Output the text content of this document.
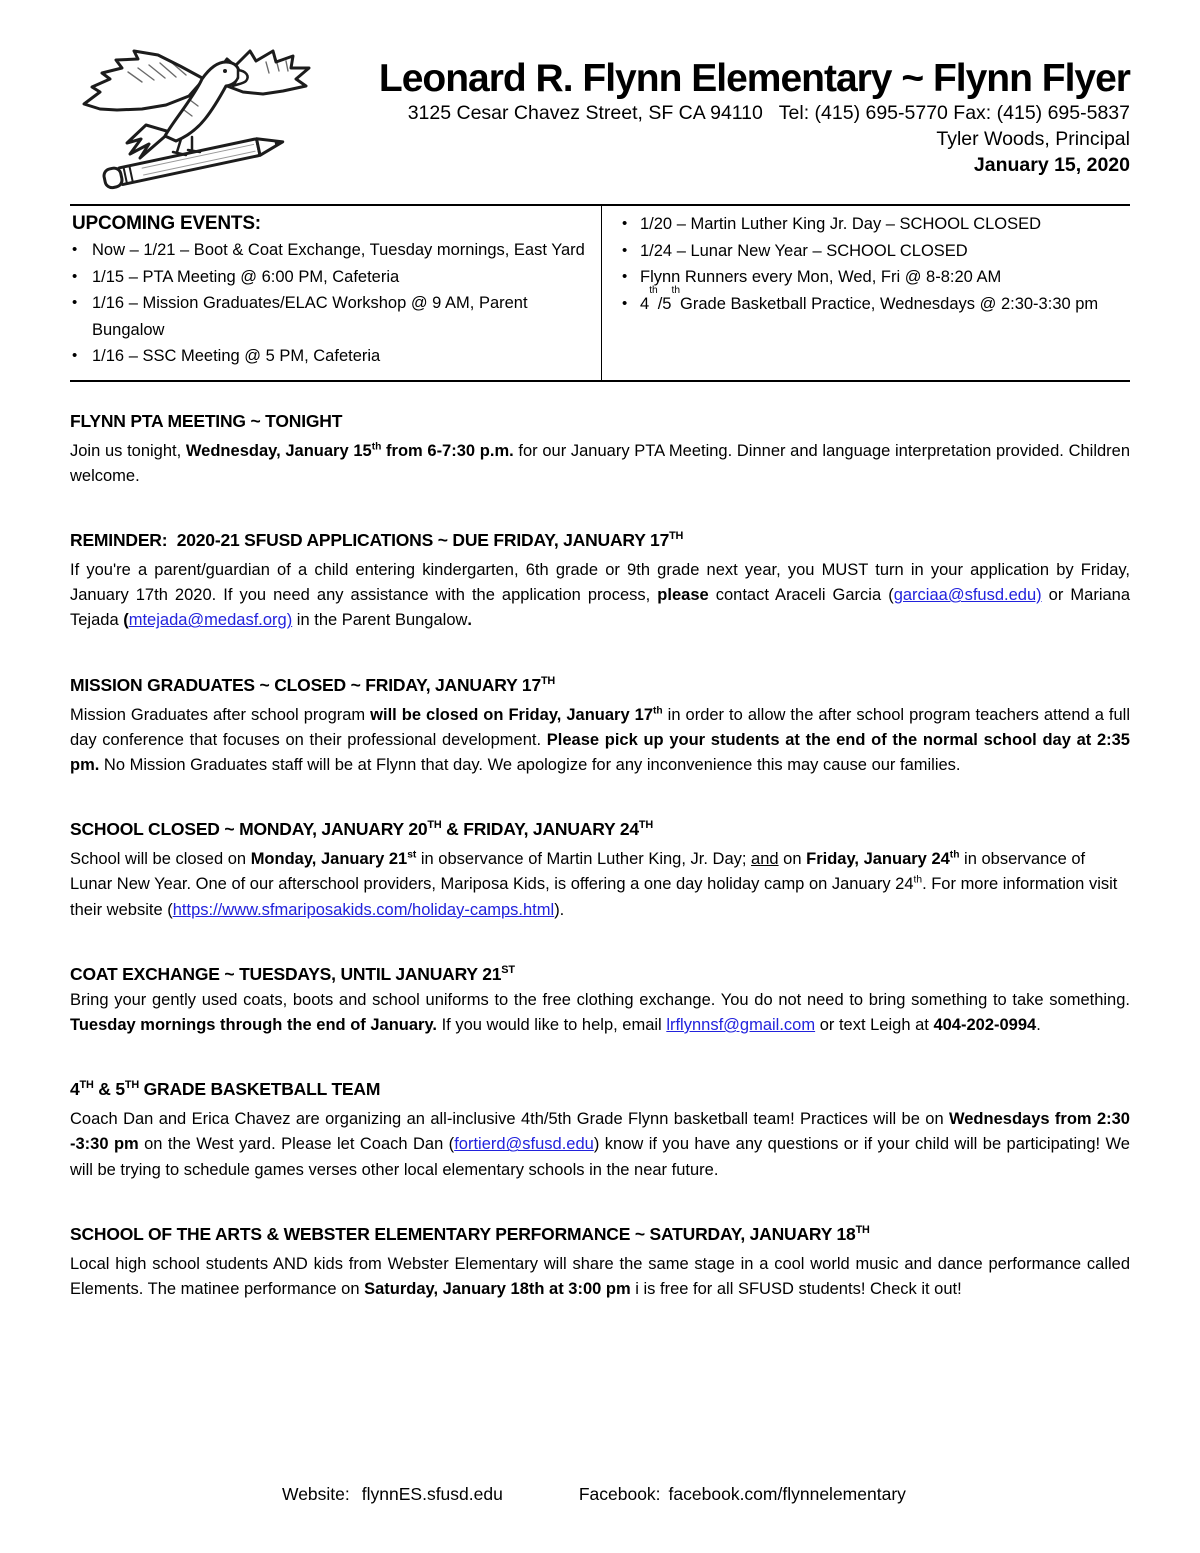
Leonard R. Flynn Elementary ~ Flynn Flyer
3125 Cesar Chavez Street, SF CA 94110   Tel: (415) 695-5770 Fax: (415) 695-5837
Tyler Woods, Principal
January 15, 2020
UPCOMING EVENTS:
• Now – 1/21 – Boot & Coat Exchange, Tuesday mornings, East Yard
• 1/15 – PTA Meeting @ 6:00 PM, Cafeteria
• 1/16 – Mission Graduates/ELAC Workshop @ 9 AM, Parent Bungalow
• 1/16 – SSC Meeting @ 5 PM, Cafeteria
• 1/20 – Martin Luther King Jr. Day – SCHOOL CLOSED
• 1/24 – Lunar New Year – SCHOOL CLOSED
• Flynn Runners every Mon, Wed, Fri @ 8-8:20 AM
• 4
th
/5
th
Grade Basketball Practice, Wednesdays @ 2:30-3:30 pm
FLYNN PTA MEETING ~ TONIGHT
Join us tonight, Wednesday, January 15th from 6-7:30 p.m. for our January PTA Meeting. Dinner and language interpretation provided. Children welcome.
REMINDER:  2020-21 SFUSD APPLICATIONS ~ DUE FRIDAY, JANUARY 17TH
If you're a parent/guardian of a child entering kindergarten, 6th grade or 9th grade next year, you MUST turn in your application by Friday, January 17th 2020. If you need any assistance with the application process, please contact Araceli Garcia (garciaa@sfusd.edu) or Mariana Tejada (mtejada@medasf.org) in the Parent Bungalow.
MISSION GRADUATES ~ CLOSED ~ FRIDAY, JANUARY 17TH
Mission Graduates after school program will be closed on Friday, January 17th in order to allow the after school program teachers attend a full day conference that focuses on their professional development. Please pick up your students at the end of the normal school day at 2:35 pm. No Mission Graduates staff will be at Flynn that day. We apologize for any inconvenience this may cause our families.
SCHOOL CLOSED ~ MONDAY, JANUARY 20TH & FRIDAY, JANUARY 24TH
School will be closed on Monday, January 21st in observance of Martin Luther King, Jr. Day; and on Friday, January 24th in observance of Lunar New Year. One of our afterschool providers, Mariposa Kids, is offering a one day holiday camp on January 24th. For more information visit their website (https://www.sfmariposakids.com/holiday-camps.html).
COAT EXCHANGE ~ TUESDAYS, UNTIL JANUARY 21ST
Bring your gently used coats, boots and school uniforms to the free clothing exchange. You do not need to bring something to take something. Tuesday mornings through the end of January. If you would like to help, email lrflynnsf@gmail.com or text Leigh at 404-202-0994.
4TH & 5TH GRADE BASKETBALL TEAM
Coach Dan and Erica Chavez are organizing an all-inclusive 4th/5th Grade Flynn basketball team! Practices will be on Wednesdays from 2:30 -3:30 pm on the West yard. Please let Coach Dan (fortierd@sfusd.edu) know if you have any questions or if your child will be participating! We will be trying to schedule games verses other local elementary schools in the near future.
SCHOOL OF THE ARTS & WEBSTER ELEMENTARY PERFORMANCE ~ SATURDAY, JANUARY 18TH
Local high school students AND kids from Webster Elementary will share the same stage in a cool world music and dance performance called Elements. The matinee performance on Saturday, January 18th at 3:00 pm i is free for all SFUSD students! Check it out!
Website: flynnES.sfusd.edu	Facebook: facebook.com/flynnelementary
